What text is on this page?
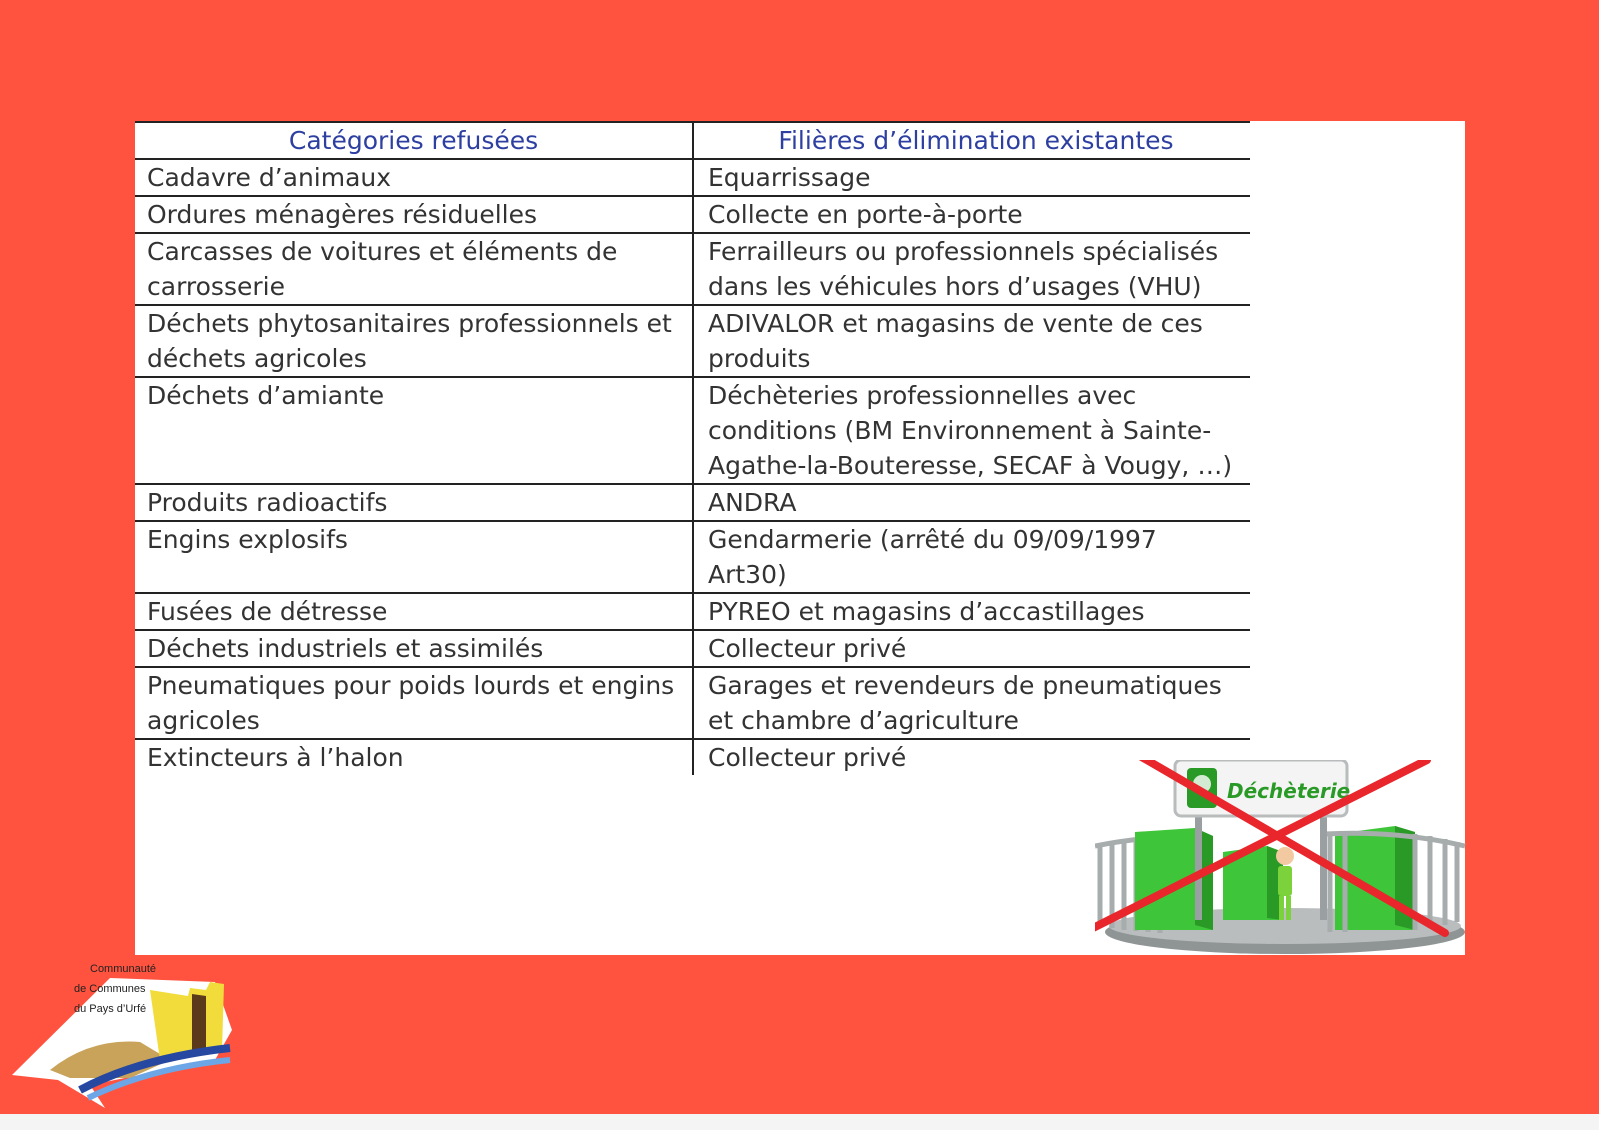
Catégories refusées	Filières d’élimination existantes
Cadavre d’animaux	Equarrissage
Ordures ménagères résiduelles	Collecte en porte-à-porte
Carcasses de voitures et éléments de carrosserie	Ferrailleurs ou professionnels spécialisés dans les véhicules hors d’usages (VHU)
Déchets phytosanitaires professionnels et déchets agricoles	ADIVALOR et magasins de vente de ces produits
Déchets d’amiante	Déchèteries professionnelles avec conditions (BM Environnement à Sainte-Agathe-la-Bouteresse, SECAF à Vougy, …)
Produits radioactifs	ANDRA
Engins explosifs	Gendarmerie (arrêté du 09/09/1997 Art30)
Fusées de détresse	PYREO et magasins d’accastillages
Déchets industriels et assimilés	Collecteur privé
Pneumatiques pour poids lourds et engins agricoles	Garages et revendeurs de pneumatiques et chambre d’agriculture
Extincteurs à l’halon	Collecteur privé
Déchèterie
Communauté
de Communes
du Pays d’Urfé
